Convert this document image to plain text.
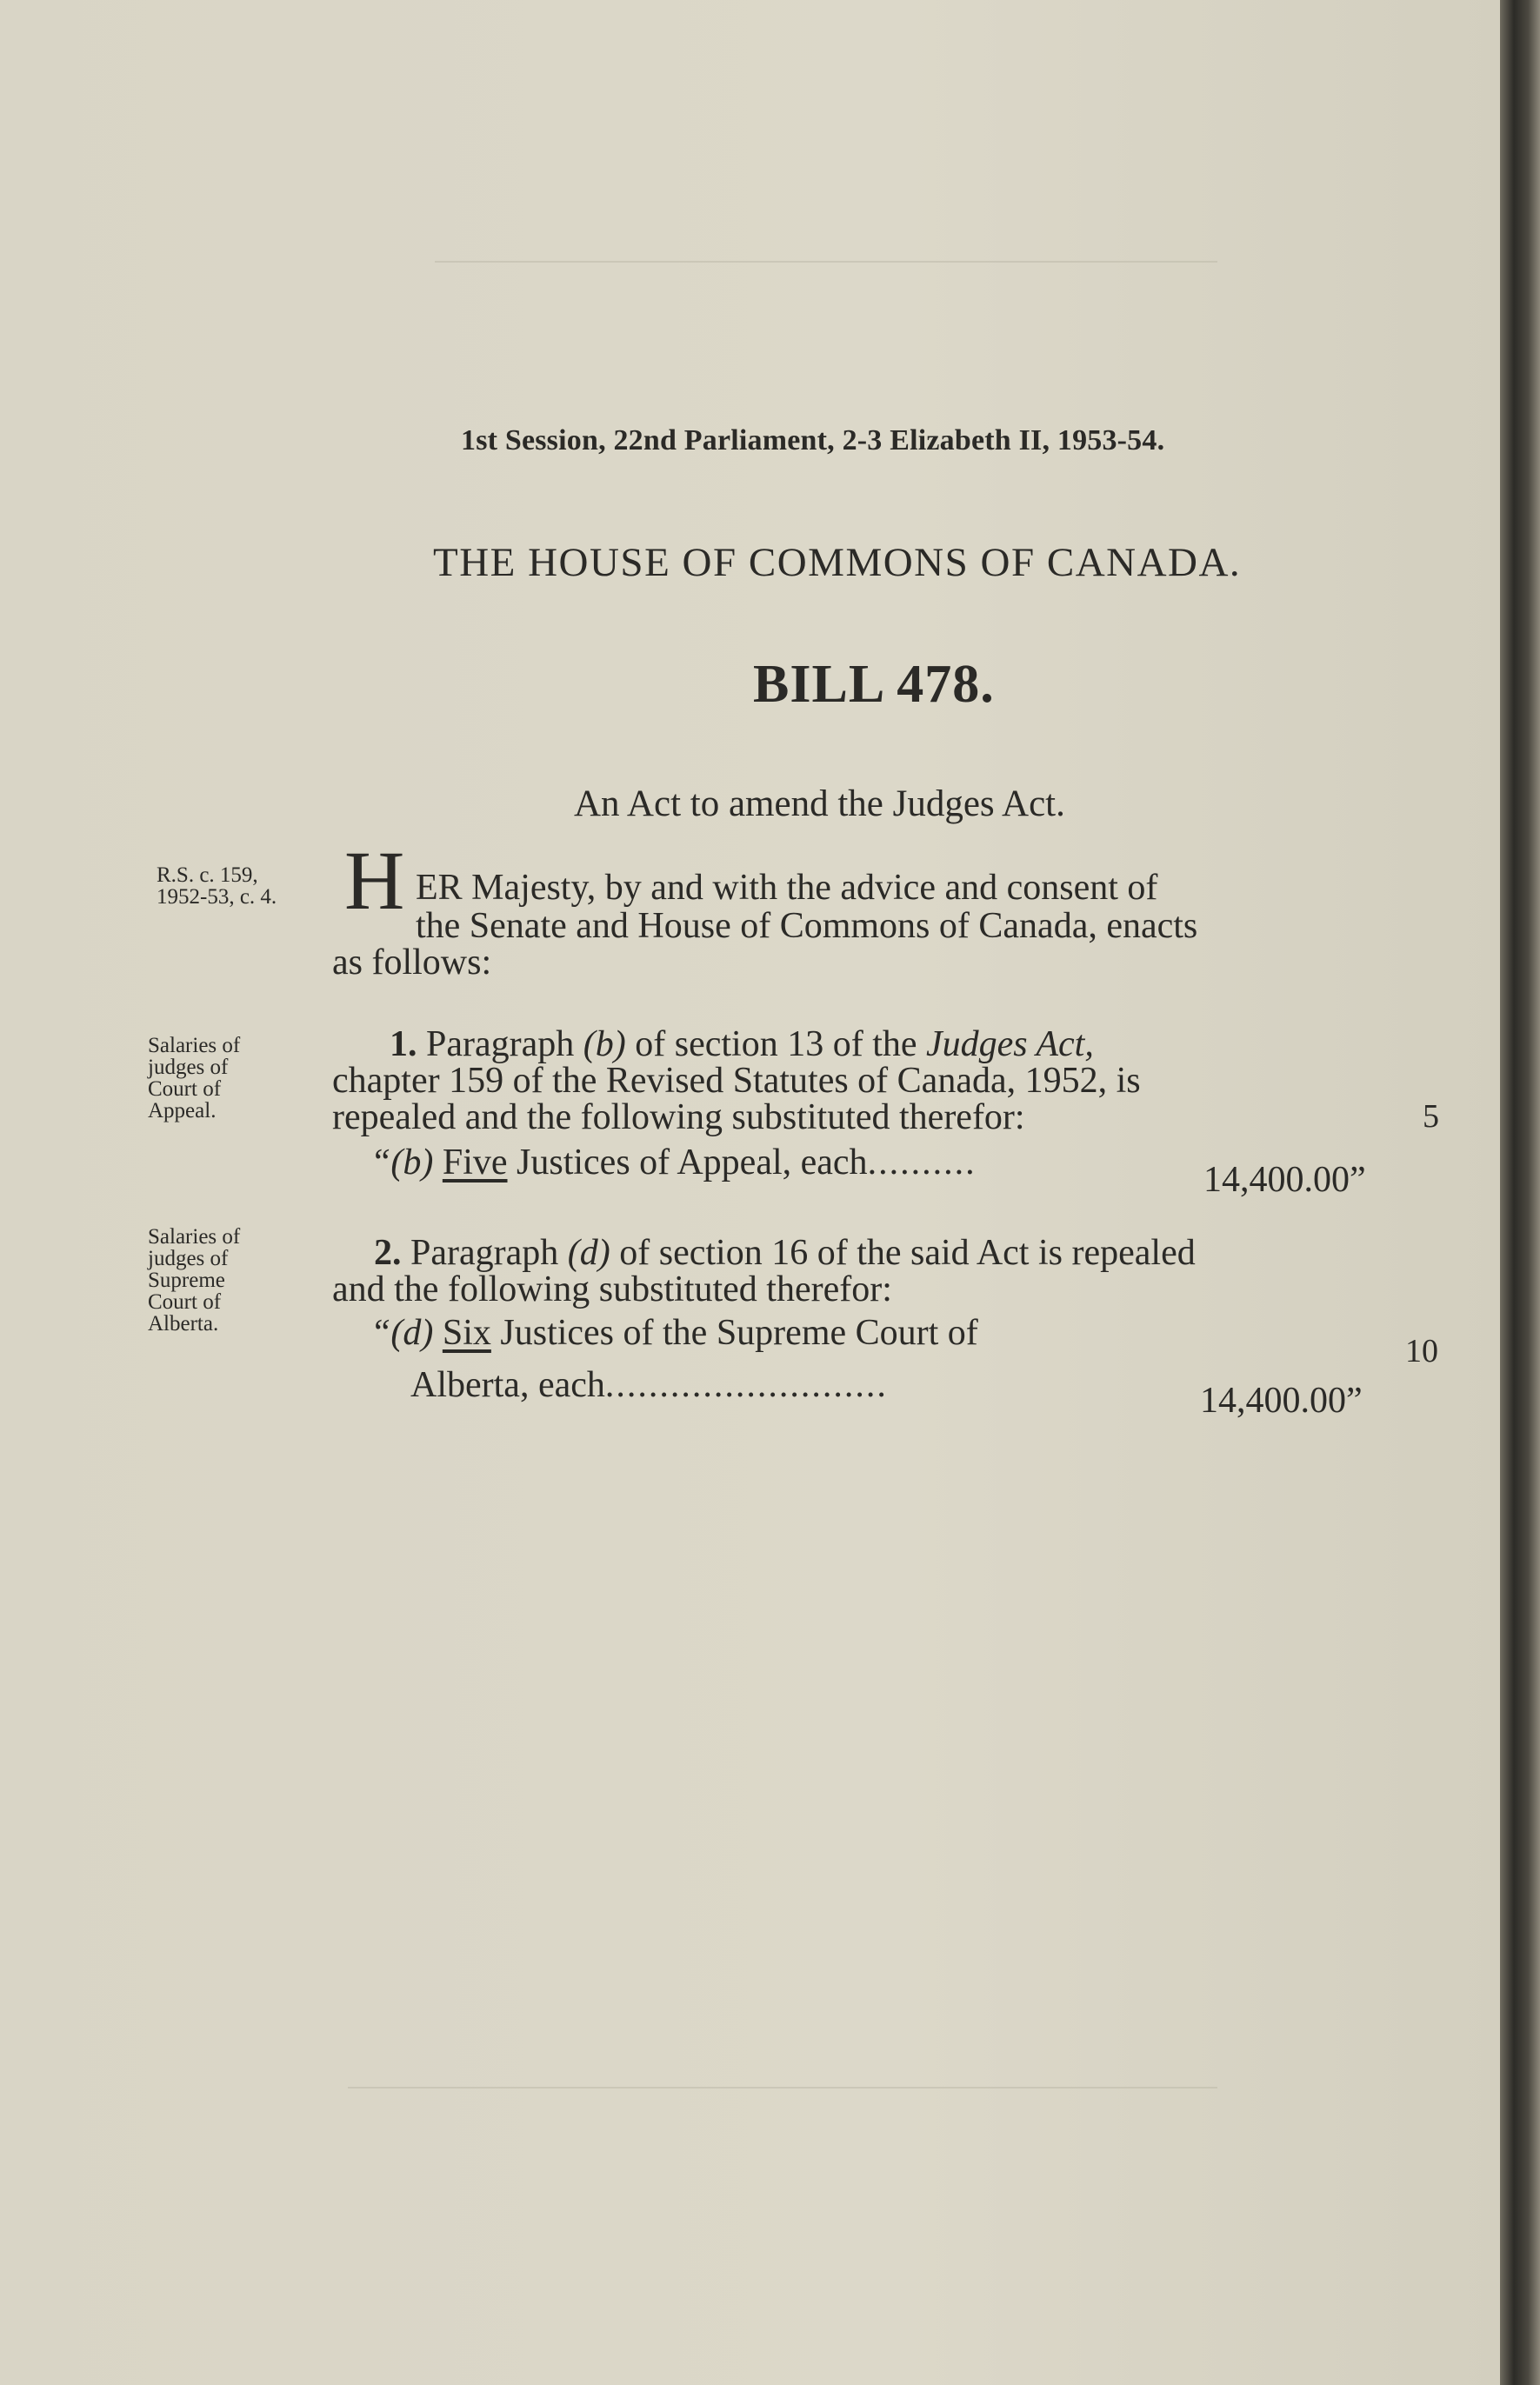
1st Session, 22nd Parliament, 2-3 Elizabeth II, 1953-54.
THE HOUSE OF COMMONS OF CANADA.
BILL 478.
An Act to amend the Judges Act.
R.S. c. 159,
1952-53, c. 4.
Salaries of
judges of
Court of
Appeal.
Salaries of
judges of
Supreme
Court of
Alberta.
H ER Majesty, by and with the advice and consent of
the Senate and House of Commons of Canada, enacts
as follows:
1. Paragraph (b) of section 13 of the Judges Act,
chapter 159 of the Revised Statutes of Canada, 1952, is
repealed and the following substituted therefor:
“(b) Five Justices of Appeal, each..........	14,400.00”
5
2. Paragraph (d) of section 16 of the said Act is repealed
and the following substituted therefor:
“(d) Six Justices of the Supreme Court of
Alberta, each..........................	14,400.00”
10
